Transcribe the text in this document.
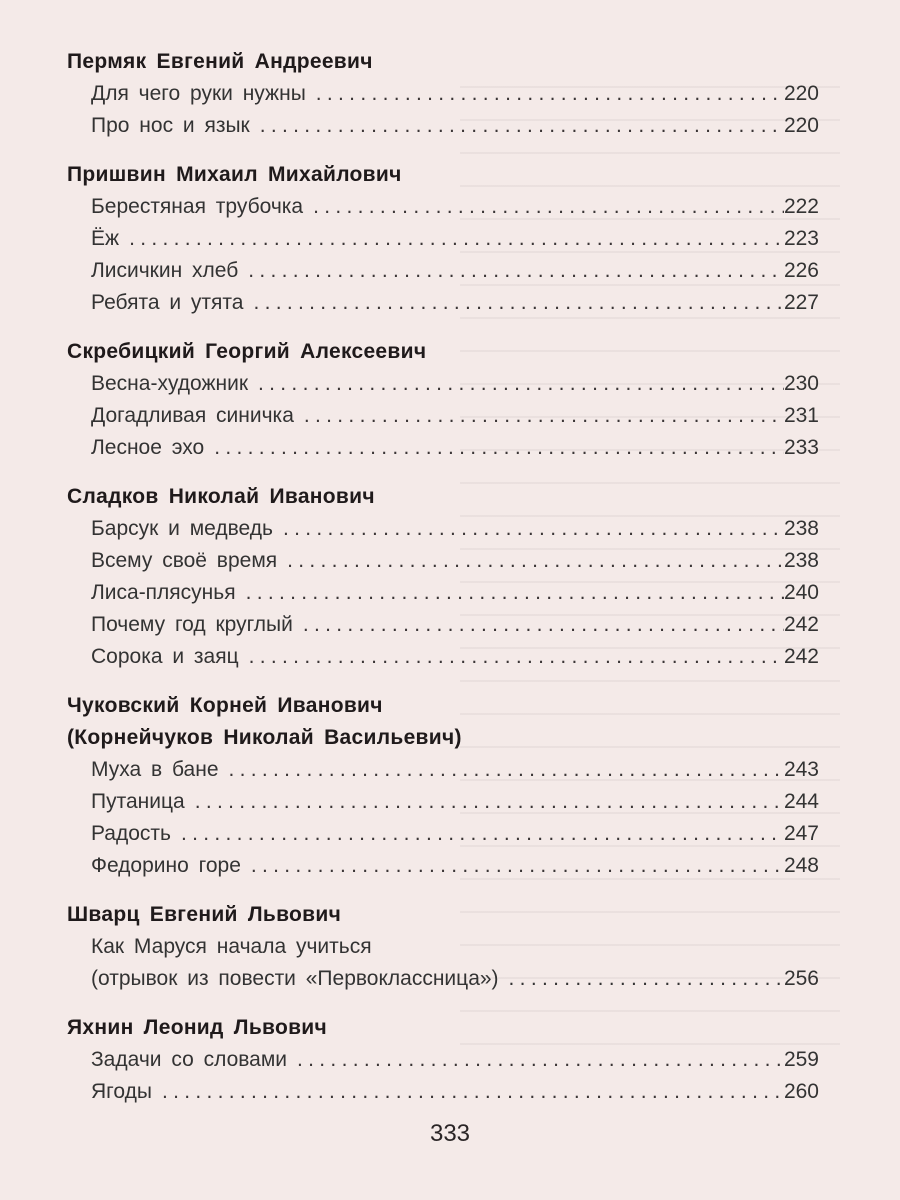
Пермяк Евгений Андреевич
Для чего руки нужны .....	220
Про нос и язык .....	220
Пришвин Михаил Михайлович
Берестяная трубочка .....	222
Ёж .....	223
Лисичкин хлеб .....	226
Ребята и утята .....	227
Скребицкий Георгий Алексеевич
Весна-художник .....	230
Догадливая синичка .....	231
Лесное эхо .....	233
Сладков Николай Иванович
Барсук и медведь .....	238
Всему своё время .....	238
Лиса-плясунья .....	240
Почему год круглый .....	242
Сорока и заяц .....	242
Чуковский Корней Иванович
(Корнейчуков Николай Васильевич)
Муха в бане .....	243
Путаница .....	244
Радость .....	247
Федорино горе .....	248
Шварц Евгений Львович
Как Маруся начала учиться
(отрывок из повести «Первоклассница») .....	256
Яхнин Леонид Львович
Задачи со словами .....	259
Ягоды .....	260
333
